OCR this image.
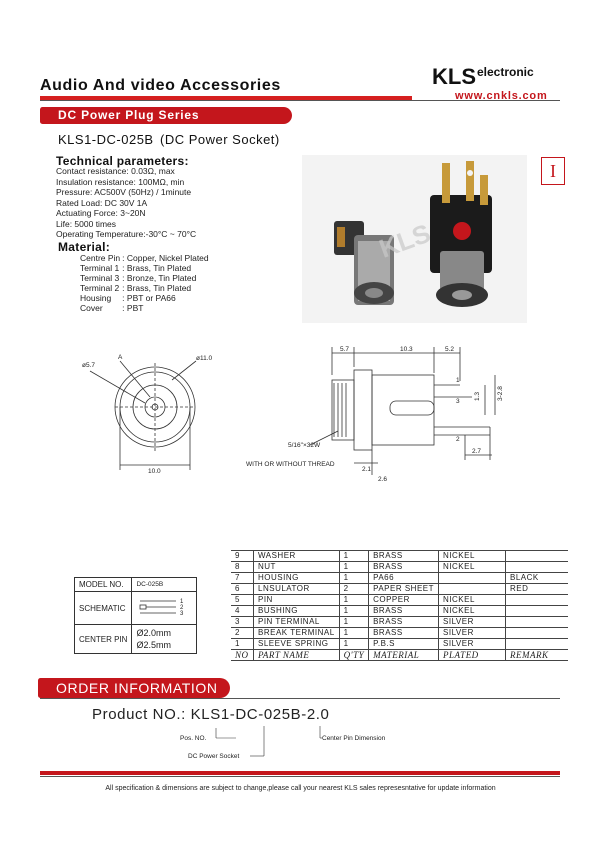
Audio And video Accessories	$KLS^{electronic}$
www.cnkls.com
DC Power Plug Series
KLS1-DC-025B (DC Power Socket)
I
Technical parameters:
Contact resistance: 0.03Ω, max
Insulation resistance: 100MΩ, min
Pressure: AC500V (50Hz) / 1minute
Rated Load: DC 30V 1A
Actuating Force: 3~20N
Life: 5000 times
Operating Temperature:-30°C ~ 70°C
Material:
Centre Pin	: Copper, Nickel Plated
Terminal 1	: Brass, Tin Plated
Terminal 3	: Bronze, Tin Plated
Terminal 2	: Brass, Tin Plated
Housing	: PBT or PA66
Cover	: PBT
KLS
ø5.7
A	ø11.0
10.0
5.7	10.3	5.2
1
3
2
1.3 3-2.8
5/16"×32W
WITH OR WITHOUT THREAD
2.1
2.6
2.7
MODEL NO.	DC-025B
SCHEMATIC	1
2
3

CENTER PIN	Ø2.0mm
Ø2.5mm
9	WASHER	1	BRASS	NICKEL	
8	NUT	1	BRASS	NICKEL	
7	HOUSING	1	PA66		BLACK
6	LNSULATOR	2	PAPER SHEET		RED
5	PIN	1	COPPER	NICKEL	
4	BUSHING	1	BRASS	NICKEL	
3	PIN TERMINAL	1	BRASS	SILVER	
2	BREAK TERMINAL	1	BRASS	SILVER	
1	SLEEVE SPRING	1	P.B.S	SILVER	
NO	PART NAME	Q'TY	MATERIAL	PLATED	REMARK
ORDER INFORMATION
Product NO.: KLS1-DC-025B-2.0
Pos. NO.
DC Power Socket
Center Pin Dimension
All specification & dimensions are subject to change,please call your nearest KLS sales represesntative for update information
